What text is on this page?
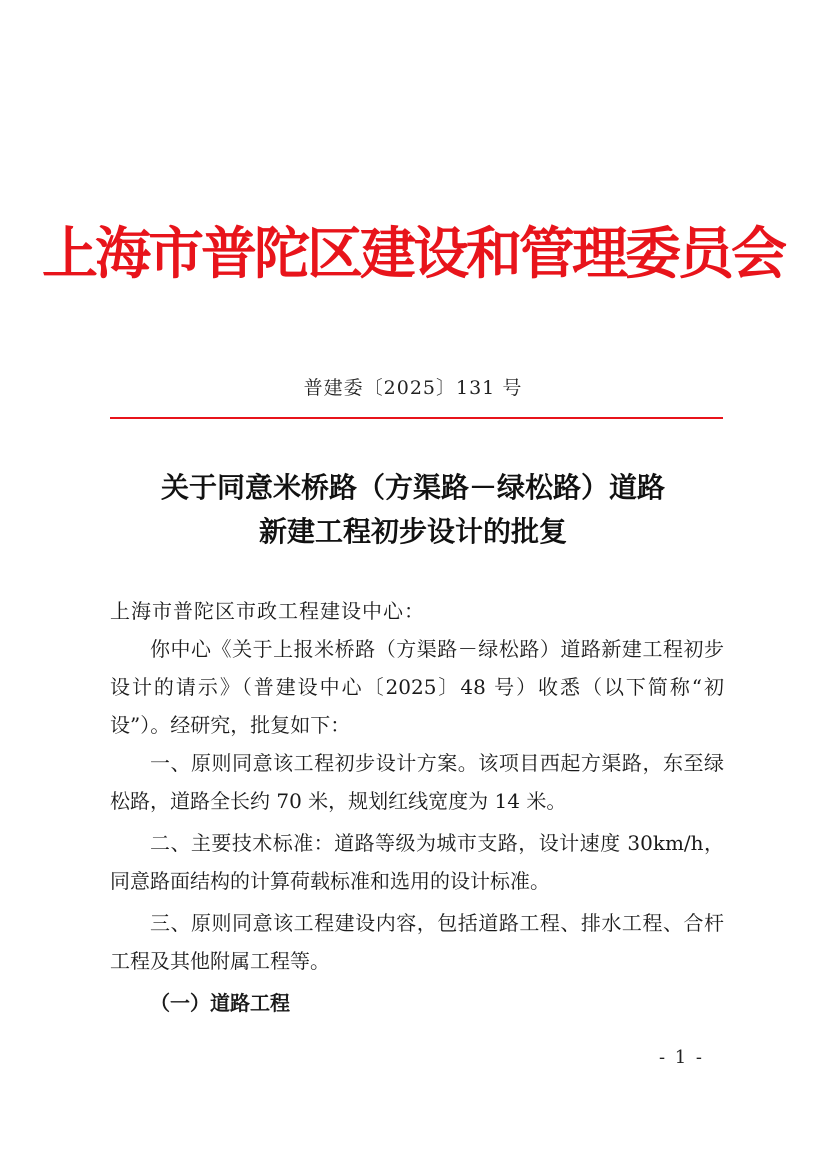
上海市普陀区建设和管理委员会
普建委〔2025〕131 号
关于同意米桥路（方渠路－绿松路）道路
新建工程初步设计的批复

上海市普陀区市政工程建设中心：

你中心《关于上报米桥路（方渠路－绿松路）道路新建工程初步设计的请示》（普建设中心〔2025〕48 号）收悉（以下简称“初设”）。经研究，批复如下：

一、原则同意该工程初步设计方案。该项目西起方渠路，东至绿松路，道路全长约 70 米，规划红线宽度为 14 米。

二、主要技术标准：道路等级为城市支路，设计速度 30km/h，同意路面结构的计算荷载标准和选用的设计标准。

三、原则同意该工程建设内容，包括道路工程、排水工程、合杆工程及其他附属工程等。

（一）道路工程

- 1 -
